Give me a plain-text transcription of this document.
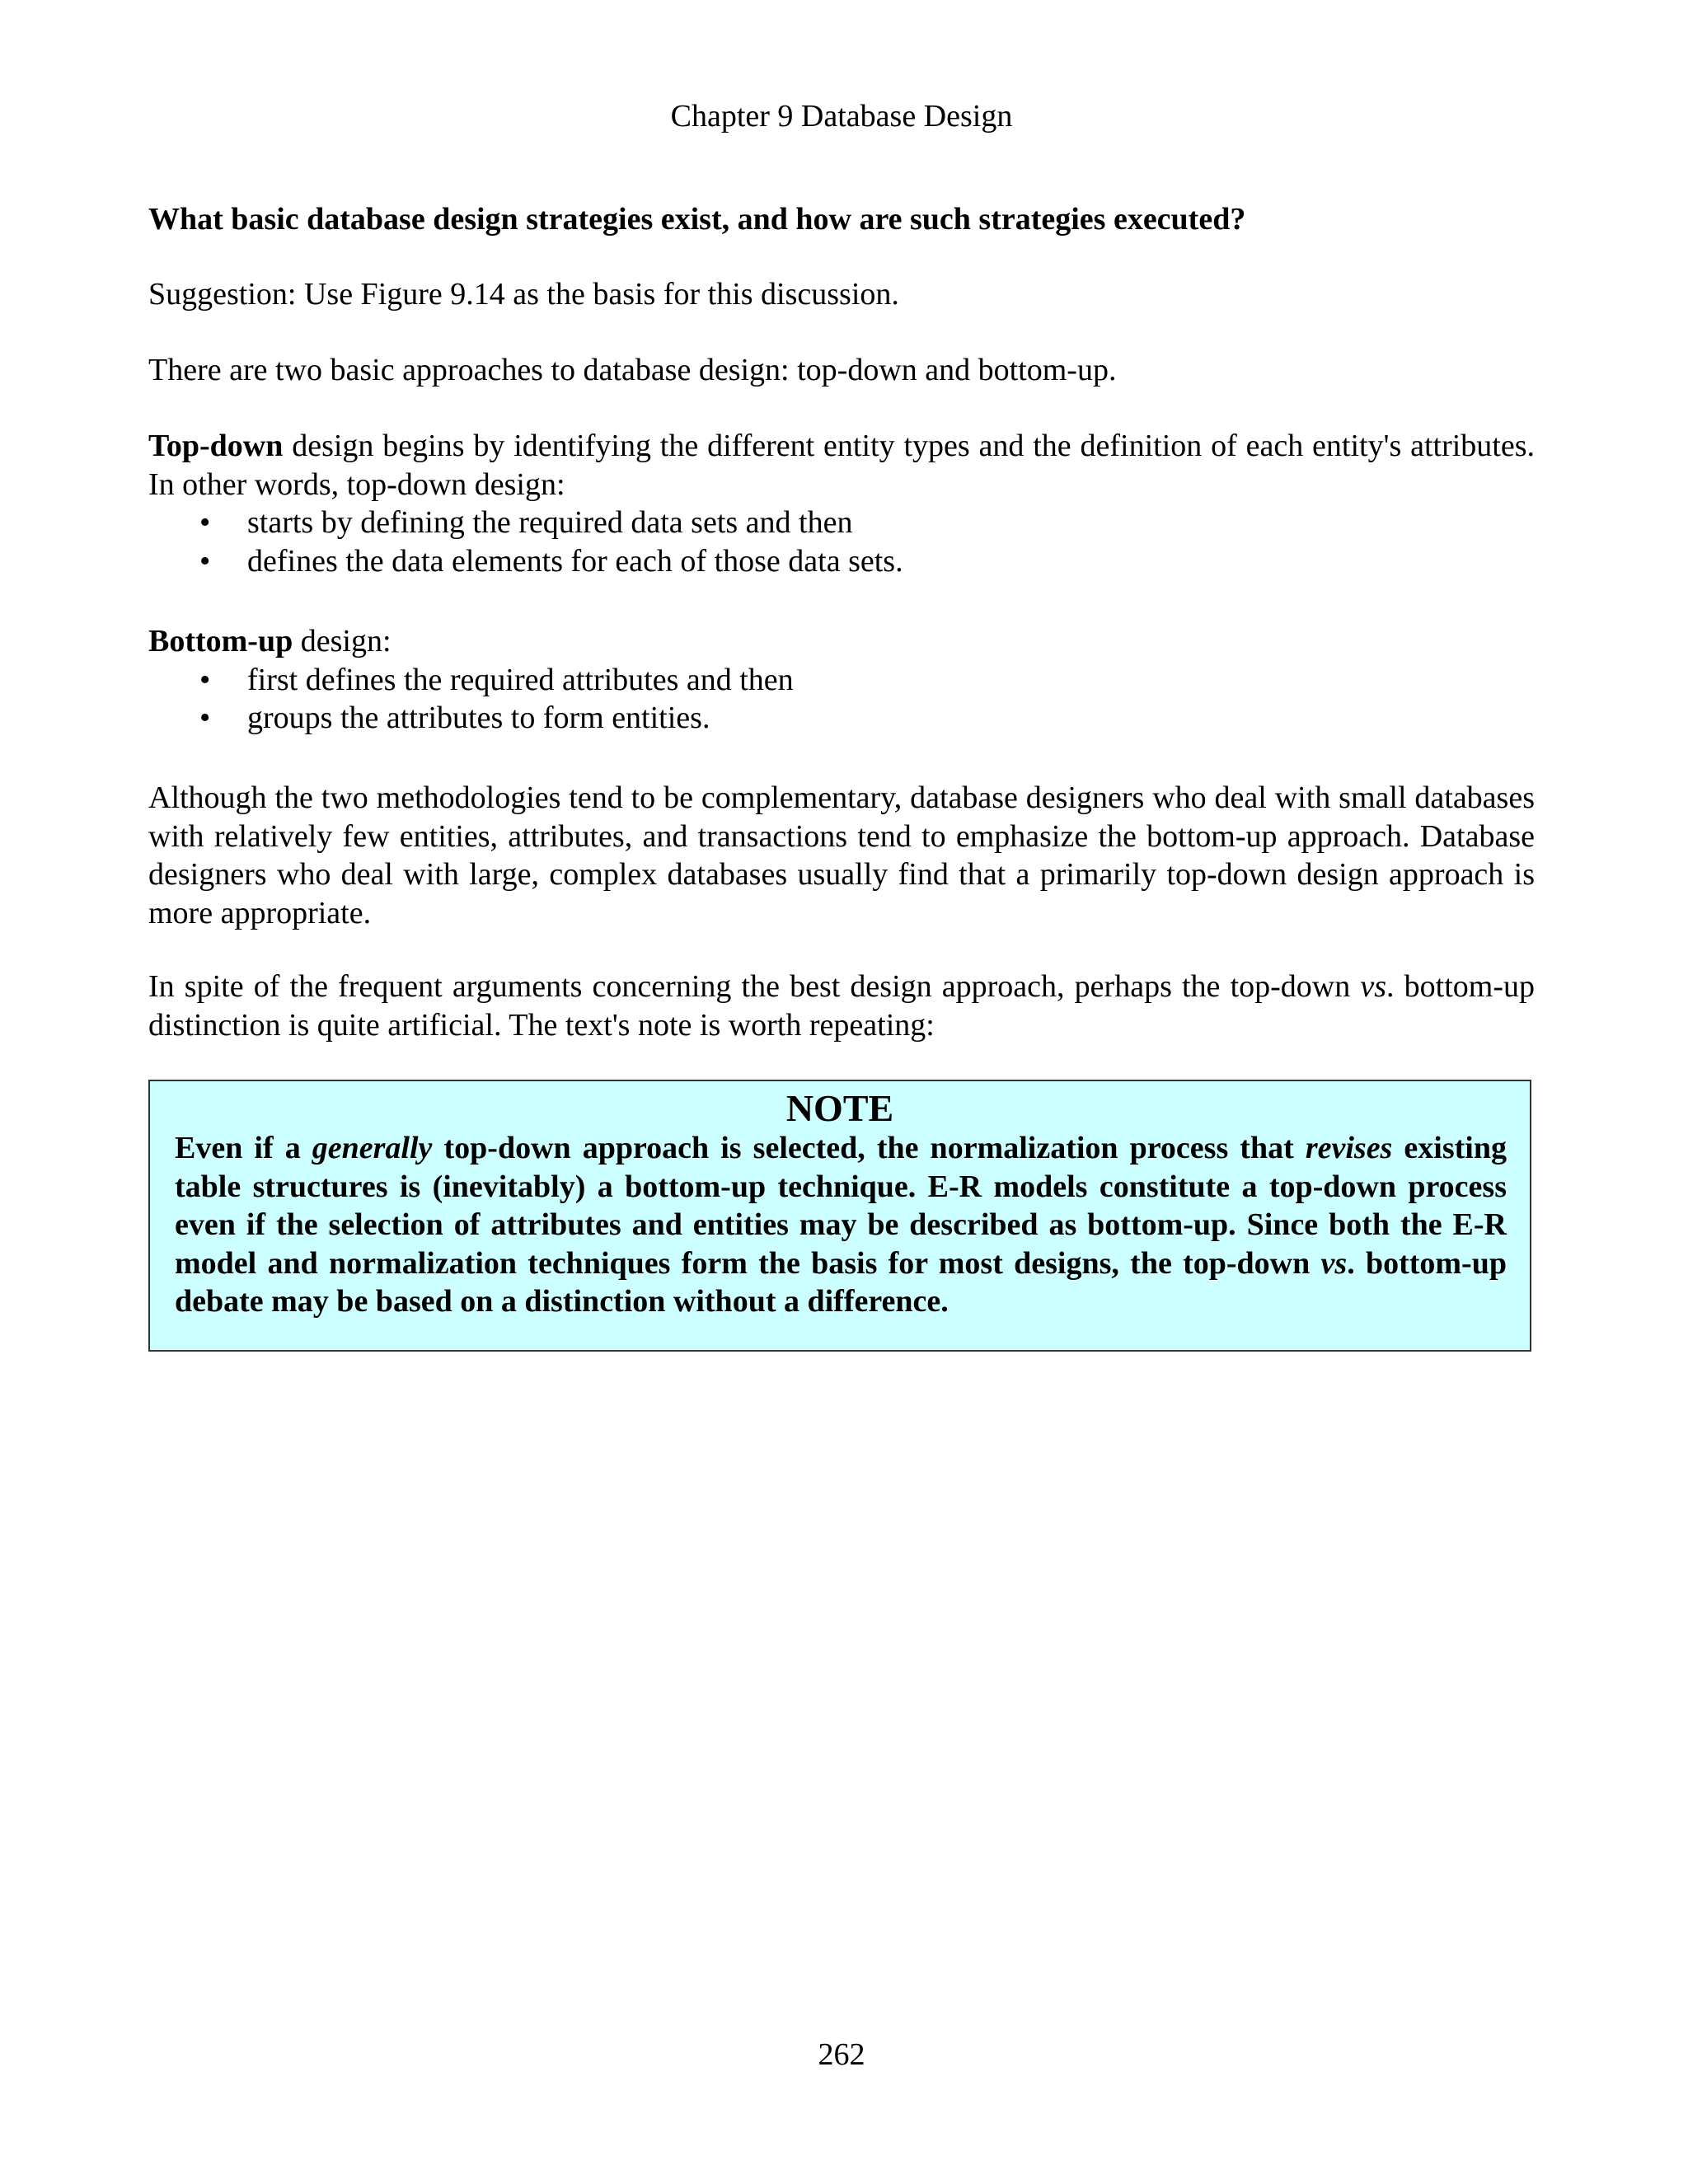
Chapter 9 Database Design
What basic database design strategies exist, and how are such strategies executed?

Suggestion: Use Figure 9.14 as the basis for this discussion.

There are two basic approaches to database design: top-down and bottom-up.

Top-down design begins by identifying the different entity types and the definition of each entity's attributes. In other words, top-down design:
• starts by defining the required data sets and then
• defines the data elements for each of those data sets.
Bottom-up design:
• first defines the required attributes and then
• groups the attributes to form entities.

Although the two methodologies tend to be complementary, database designers who deal with small databases with relatively few entities, attributes, and transactions tend to emphasize the bottom-up approach. Database designers who deal with large, complex databases usually find that a primarily top-down design approach is more appropriate.

In spite of the frequent arguments concerning the best design approach, perhaps the top-down vs. bottom-up distinction is quite artificial. The text's note is worth repeating:

NOTE
Even if a generally top-down approach is selected, the normalization process that revises existing table structures is (inevitably) a bottom-up technique. E-R models constitute a top-down process even if the selection of attributes and entities may be described as bottom-up. Since both the E-R model and normalization techniques form the basis for most designs, the top-down vs. bottom-up debate may be based on a distinction without a difference.
262
